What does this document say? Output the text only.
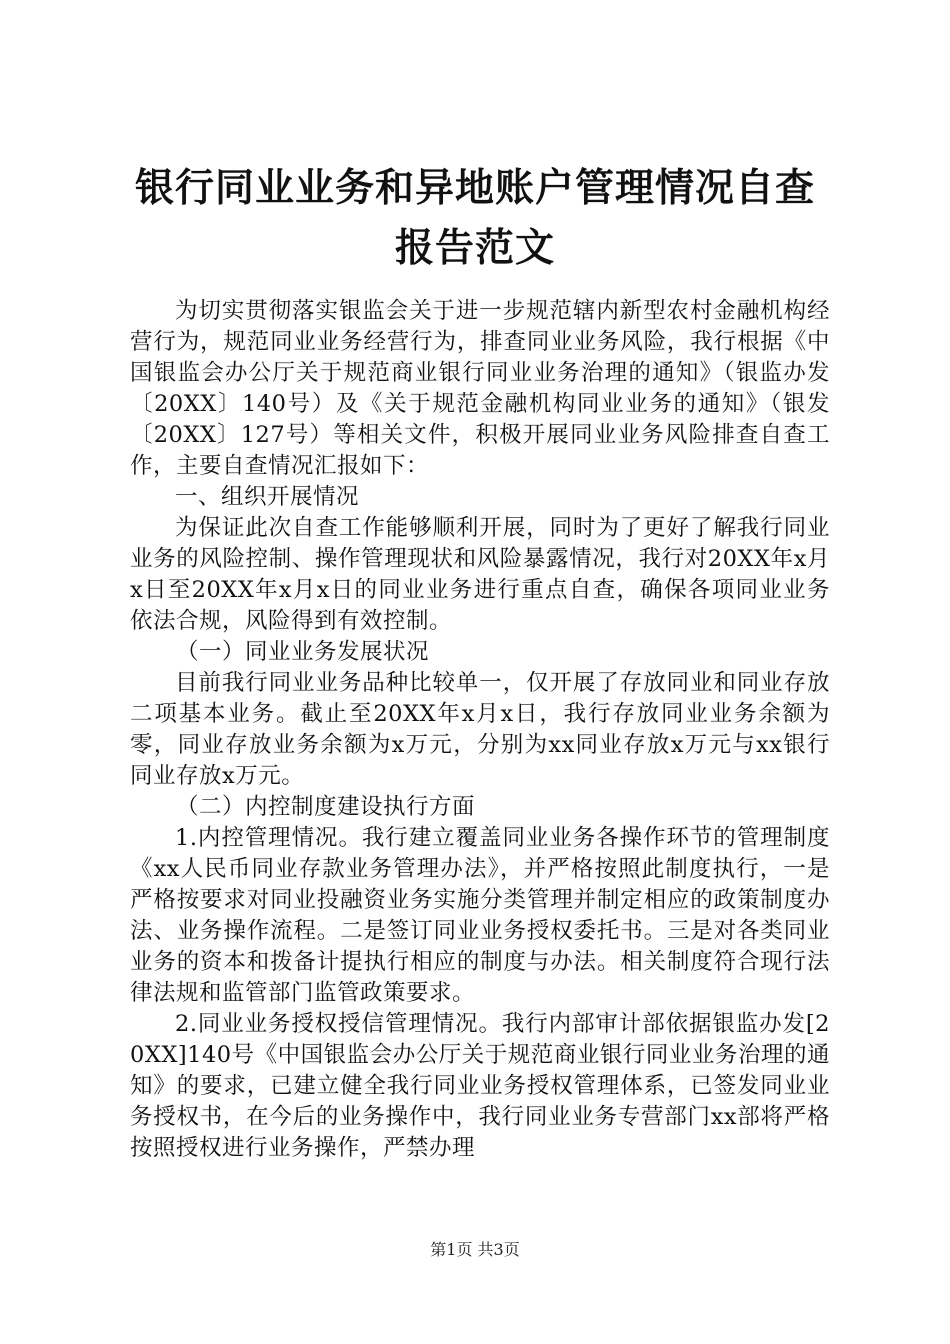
银行同业业务和异地账户管理情况自查报告范文

为切实贯彻落实银监会关于进一步规范辖内新型农村金融机构经营行为，规范同业业务经营行为，排查同业业务风险，我行根据《中国银监会办公厅关于规范商业银行同业业务治理的通知》（银监办发〔20XX〕140号）及《关于规范金融机构同业业务的通知》（银发〔20XX〕127号）等相关文件，积极开展同业业务风险排查自查工作，主要自查情况汇报如下：

一、组织开展情况

为保证此次自查工作能够顺利开展，同时为了更好了解我行同业业务的风险控制、操作管理现状和风险暴露情况，我行对20XX年x月x日至20XX年x月x日的同业业务进行重点自查，确保各项同业业务依法合规，风险得到有效控制。

（一）同业业务发展状况

目前我行同业业务品种比较单一，仅开展了存放同业和同业存放二项基本业务。截止至20XX年x月x日，我行存放同业业务余额为零，同业存放业务余额为x万元，分别为xx同业存放x万元与xx银行同业存放x万元。

（二）内控制度建设执行方面

1.内控管理情况。我行建立覆盖同业业务各操作环节的管理制度《xx人民币同业存款业务管理办法》，并严格按照此制度执行，一是严格按要求对同业投融资业务实施分类管理并制定相应的政策制度办法、业务操作流程。二是签订同业业务授权委托书。三是对各类同业业务的资本和拨备计提执行相应的制度与办法。相关制度符合现行法律法规和监管部门监管政策要求。

2.同业业务授权授信管理情况。我行内部审计部依据银监办发[20XX]140号《中国银监会办公厅关于规范商业银行同业业务治理的通知》的要求，已建立健全我行同业业务授权管理体系，已签发同业业务授权书，在今后的业务操作中，我行同业业务专营部门xx部将严格按照授权进行业务操作，严禁办理

第1页 共3页
